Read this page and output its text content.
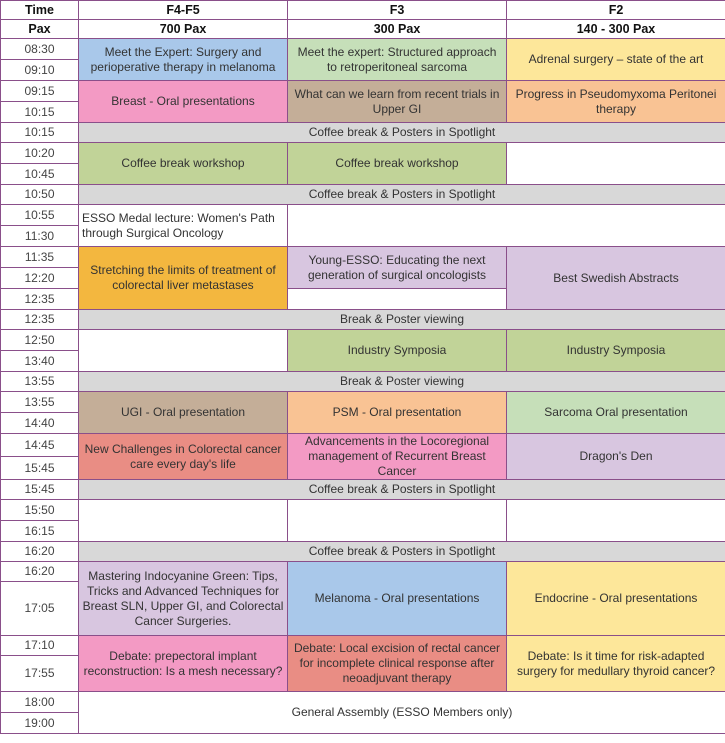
Time	F4-F5	F3	F2
Pax	700 Pax	300 Pax	140 - 300 Pax
08:30	Meet the Expert: Surgery and perioperative therapy in melanoma	Meet the expert: Structured approach to retroperitoneal sarcoma	Adrenal surgery – state of the art
09:10			
09:15	Breast - Oral presentations	What can we learn from recent trials in Upper GI	Progress in Pseudomyxoma Peritonei therapy
10:15			
10:15	Coffee break & Posters in Spotlight		
10:20	Coffee break workshop	Coffee break workshop	
10:45			
10:50	Coffee break & Posters in Spotlight		
10:55	ESSO Medal lecture: Women's Path through Surgical Oncology		
11:30			
11:35	Stretching the limits of treatment of colorectal liver metastases	Young-ESSO: Educating the next generation of surgical oncologists	Best Swedish Abstracts
12:20			
12:35			
12:35	Break & Poster viewing		
12:50		Industry Symposia	Industry Symposia
13:40			
13:55	Break & Poster viewing		
13:55	UGI - Oral presentation	PSM - Oral presentation	Sarcoma Oral presentation
14:40			
14:45	New Challenges in Colorectal cancer care every day's life	Advancements in the Locoregional management of Recurrent Breast Cancer	Dragon's Den
15:45			
15:45	Coffee break & Posters in Spotlight		
15:50			
16:15			
16:20	Coffee break & Posters in Spotlight		
16:20	Mastering Indocyanine Green: Tips, Tricks and Advanced Techniques for Breast SLN, Upper GI, and Colorectal Cancer Surgeries.	Melanoma - Oral presentations	Endocrine - Oral presentations
17:05			
17:10	Debate: prepectoral implant reconstruction: Is a mesh necessary?	Debate: Local excision of rectal cancer for incomplete clinical response after neoadjuvant therapy	Debate: Is it time for risk-adapted surgery for medullary thyroid cancer?
17:55			
18:00	General Assembly (ESSO Members only)		
19:00			
